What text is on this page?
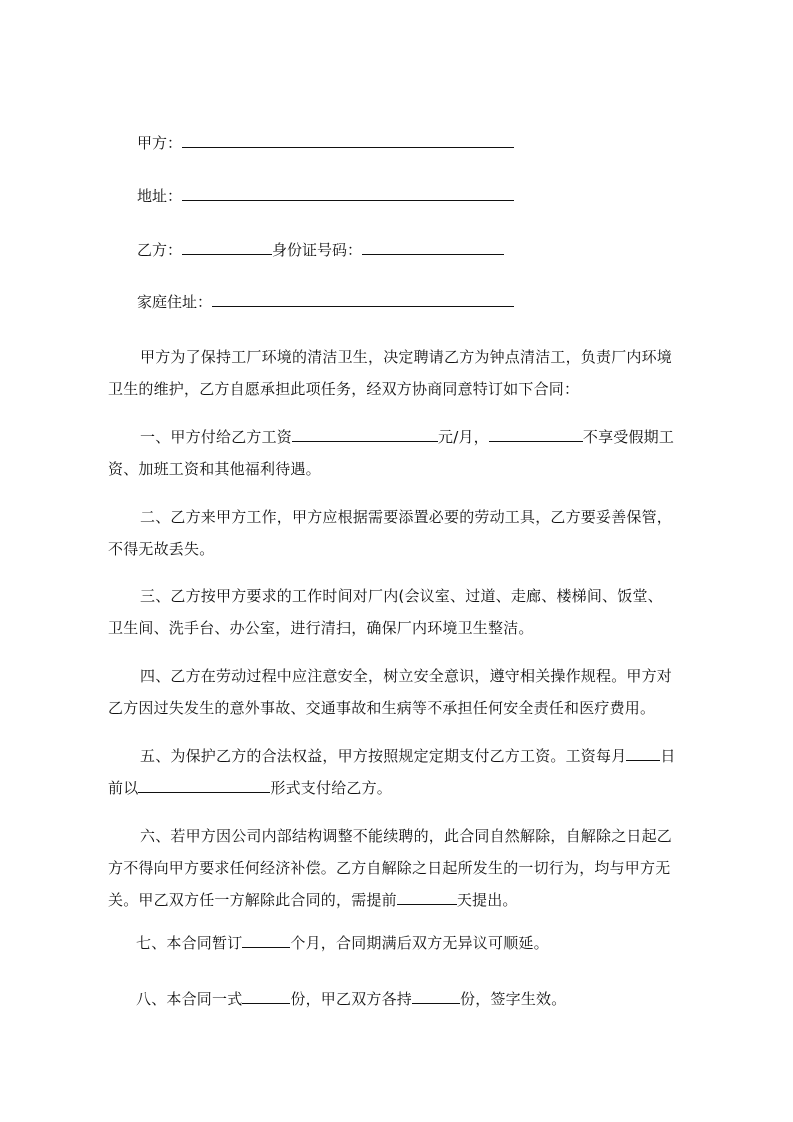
甲方：
地址：
乙方：	身份证号码：
家庭住址：
甲方为了保持工厂环境的清洁卫生，决定聘请乙方为钟点清洁工，负责厂内环境
卫生的维护，乙方自愿承担此项任务，经双方协商同意特订如下合同：
一、甲方付给乙方工资	元/月，	不享受假期工
资、加班工资和其他福利待遇。
二、乙方来甲方工作，甲方应根据需要添置必要的劳动工具，乙方要妥善保管，
不得无故丢失。
三、乙方按甲方要求的工作时间对厂内(会议室、过道、走廊、楼梯间、饭堂、
卫生间、洗手台、办公室，进行清扫，确保厂内环境卫生整洁。
四、乙方在劳动过程中应注意安全，树立安全意识，遵守相关操作规程。甲方对
乙方因过失发生的意外事故、交通事故和生病等不承担任何安全责任和医疗费用。
五、为保护乙方的合法权益，甲方按照规定定期支付乙方工资。工资每月 日
前以	形式支付给乙方。
六、若甲方因公司内部结构调整不能续聘的，此合同自然解除，自解除之日起乙
方不得向甲方要求任何经济补偿。乙方自解除之日起所发生的一切行为，均与甲方无
关。甲乙双方任一方解除此合同的，需提前	天提出。
七、本合同暂订	个月，合同期满后双方无异议可顺延。
八、本合同一式	份，甲乙双方各持	份，签字生效。
